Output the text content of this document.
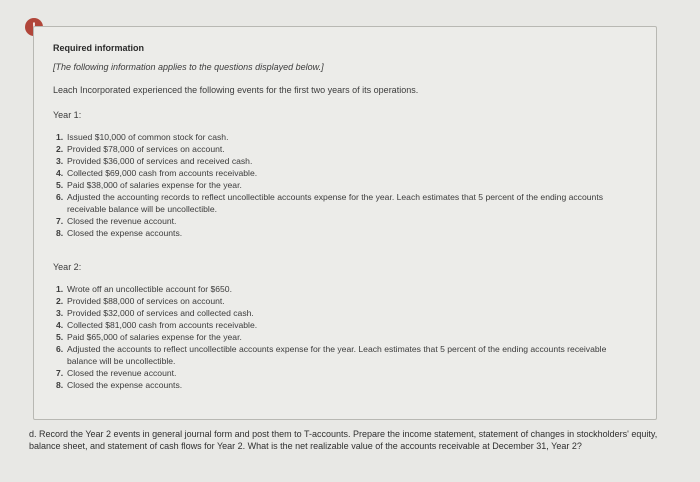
Required information
[The following information applies to the questions displayed below.]
Leach Incorporated experienced the following events for the first two years of its operations.
Year 1:
1. Issued $10,000 of common stock for cash.
2. Provided $78,000 of services on account.
3. Provided $36,000 of services and received cash.
4. Collected $69,000 cash from accounts receivable.
5. Paid $38,000 of salaries expense for the year.
6. Adjusted the accounting records to reflect uncollectible accounts expense for the year. Leach estimates that 5 percent of the ending accounts receivable balance will be uncollectible.
7. Closed the revenue account.
8. Closed the expense accounts.
Year 2:
1. Wrote off an uncollectible account for $650.
2. Provided $88,000 of services on account.
3. Provided $32,000 of services and collected cash.
4. Collected $81,000 cash from accounts receivable.
5. Paid $65,000 of salaries expense for the year.
6. Adjusted the accounts to reflect uncollectible accounts expense for the year. Leach estimates that 5 percent of the ending accounts receivable balance will be uncollectible.
7. Closed the revenue account.
8. Closed the expense accounts.
d. Record the Year 2 events in general journal form and post them to T-accounts. Prepare the income statement, statement of changes in stockholders' equity, balance sheet, and statement of cash flows for Year 2. What is the net realizable value of the accounts receivable at December 31, Year 2?
